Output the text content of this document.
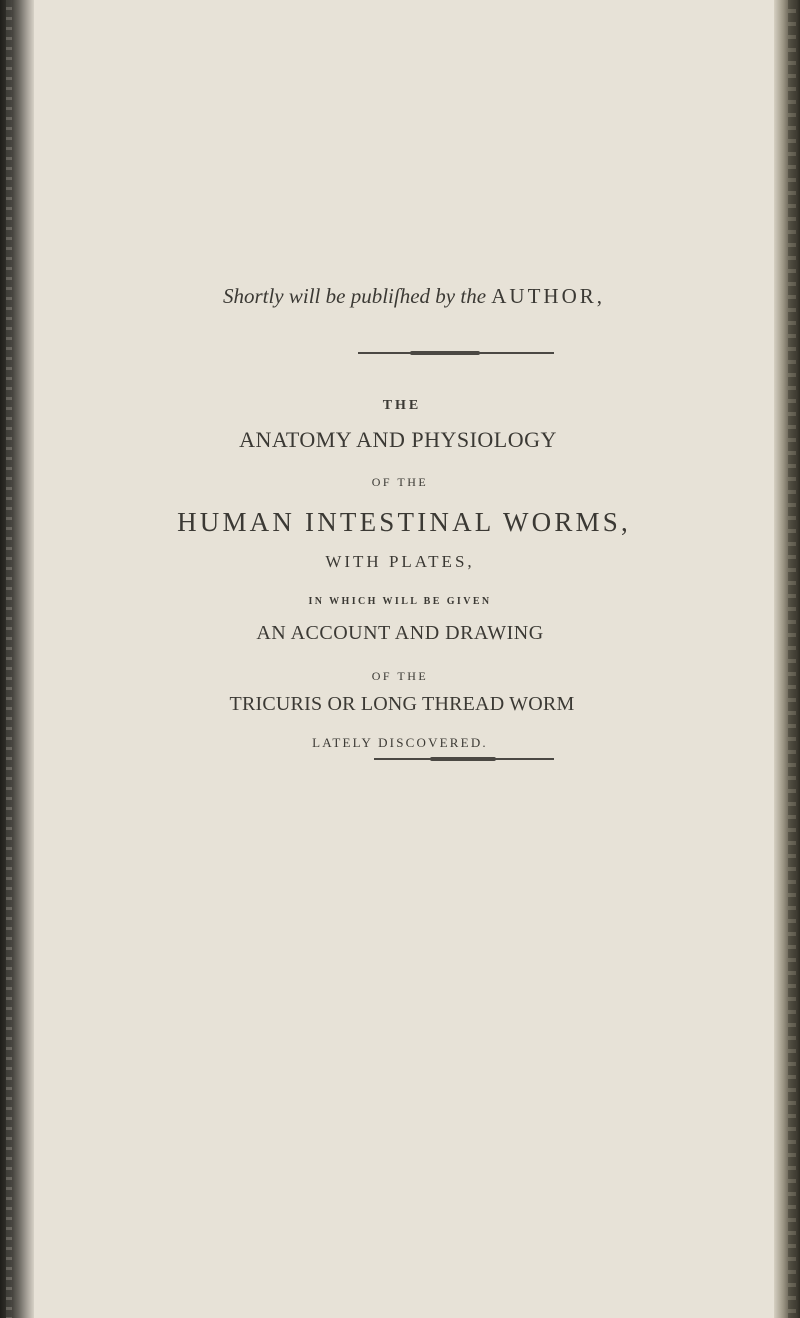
Shortly will be publiſhed by the AUTHOR,
THE
ANATOMY AND PHYSIOLOGY
OF THE
HUMAN INTESTINAL WORMS,
WITH PLATES,
IN WHICH WILL BE GIVEN
AN ACCOUNT AND DRAWING
OF THE
TRICURIS OR LONG THREAD WORM
LATELY DISCOVERED.
